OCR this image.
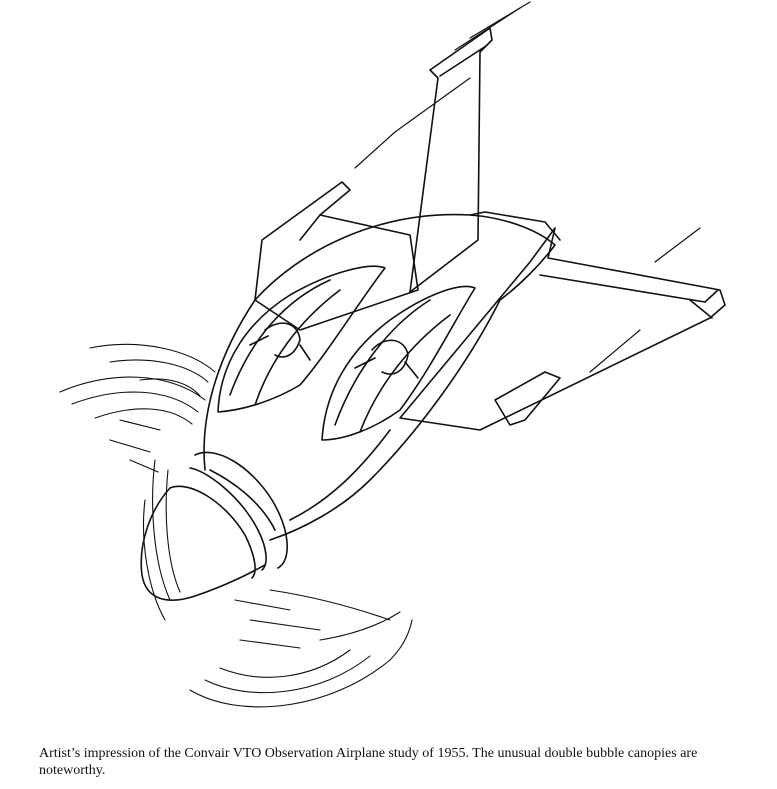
Artist’s impression of the Convair VTO Observation Airplane study of 1955. The unusual double bubble canopies are noteworthy.
